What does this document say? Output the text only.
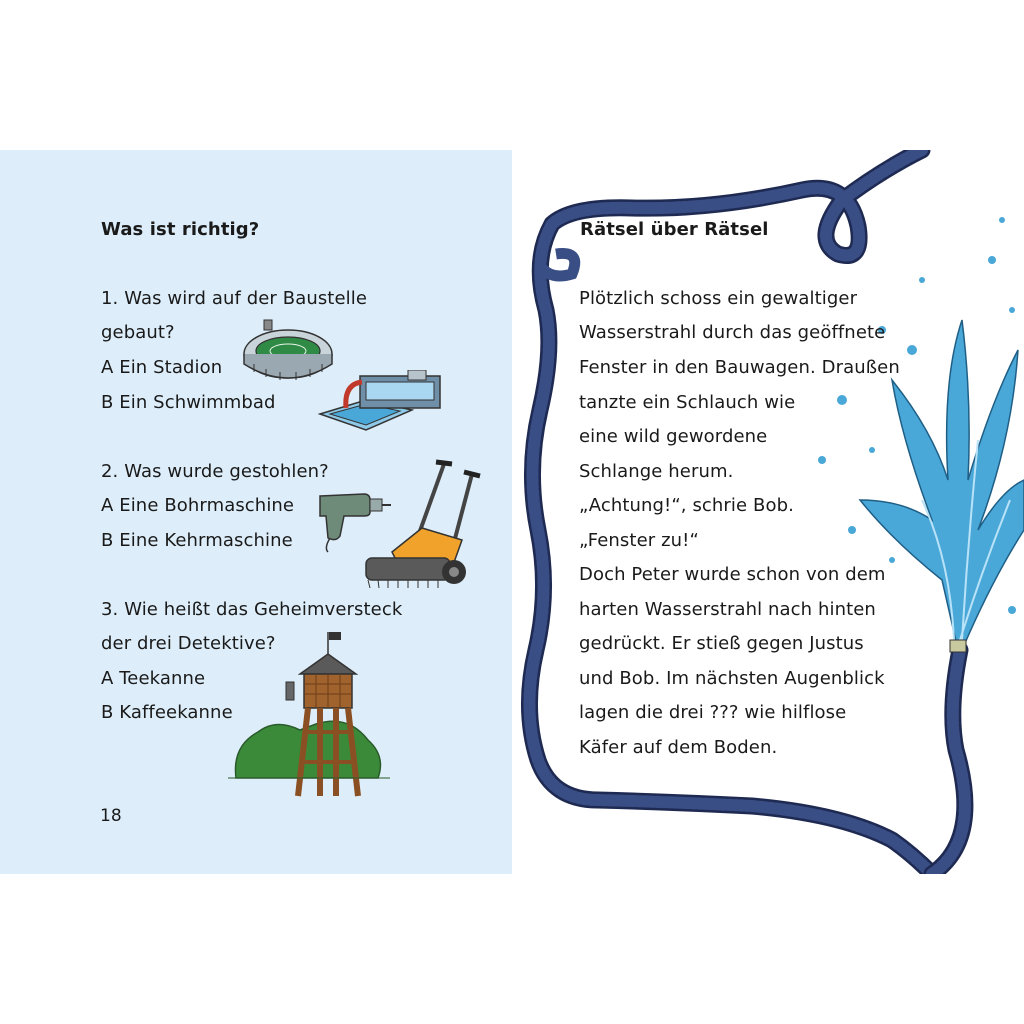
Was ist richtig?
1. Was wird auf der Baustelle
gebaut?
A Ein Stadion
B Ein Schwimmbad
2. Was wurde gestohlen?
A Eine Bohrmaschine
B Eine Kehrmaschine
3. Wie heißt das Geheimversteck
der drei Detektive?
A Teekanne
B Kaffeekanne
18
Rätsel über Rätsel
Plötzlich schoss ein gewaltiger
Wasserstrahl durch das geöffnete
Fenster in den Bauwagen. Draußen
tanzte ein Schlauch wie
eine wild gewordene
Schlange herum.
„Achtung!“, schrie Bob.
„Fenster zu!“
Doch Peter wurde schon von dem
harten Wasserstrahl nach hinten
gedrückt. Er stieß gegen Justus
und Bob. Im nächsten Augenblick
lagen die drei ??? wie hilflose
Käfer auf dem Boden.
